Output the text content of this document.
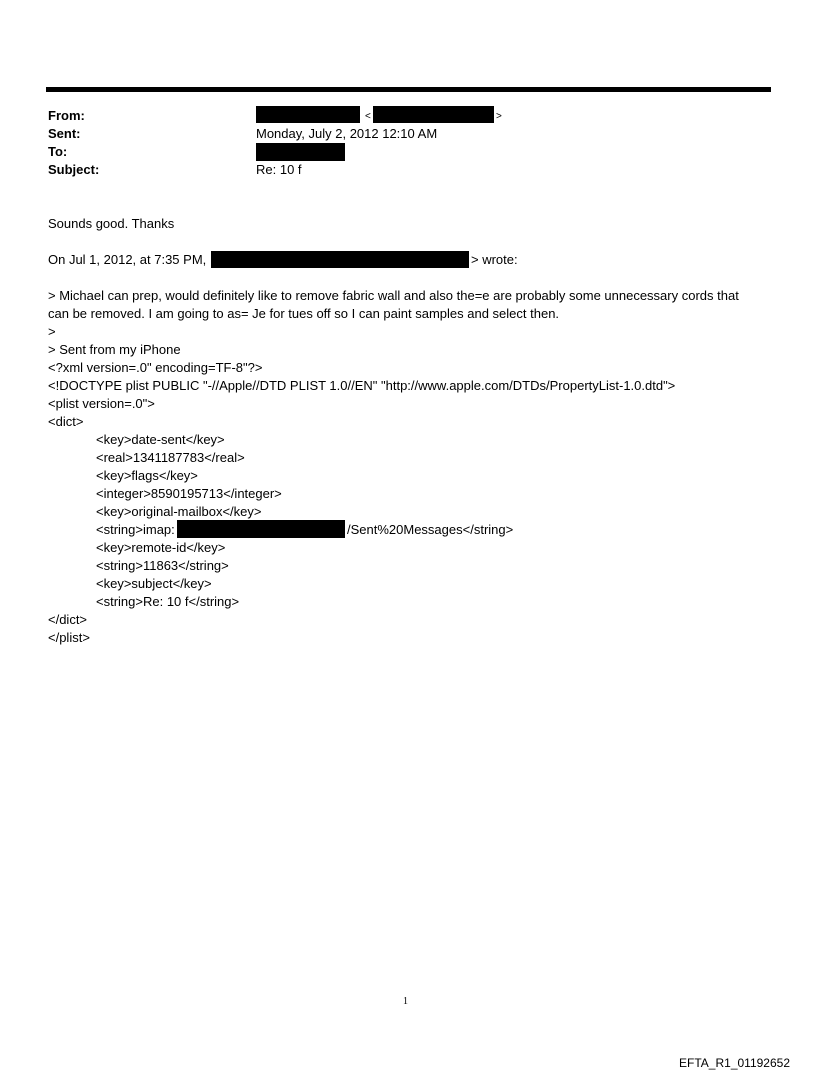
From:	<	>
Sent:	Monday, July 2, 2012 12:10 AM
To:
Subject:	Re: 10 f
Sounds good. Thanks
On Jul 1, 2012, at 7:35 PM,	> wrote:
> Michael can prep, would definitely like to remove fabric wall and also the=e are probably some unnecessary cords that
can be removed. I am going to as= Je for tues off so I can paint samples and select then.
>
> Sent from my iPhone
<?xml version=.0" encoding=TF-8"?>
<!DOCTYPE plist PUBLIC "-//Apple//DTD PLIST 1.0//EN" "http://www.apple.com/DTDs/PropertyList-1.0.dtd">
<plist version=.0">
<dict>
<key>date-sent</key>
<real>1341187783</real>
<key>flags</key>
<integer>8590195713</integer>
<key>original-mailbox</key>
<string>imap:	/Sent%20Messages</string>
<key>remote-id</key>
<string>11863</string>
<key>subject</key>
<string>Re: 10 f</string>
</dict>
</plist>
1
EFTA_R1_01192652
